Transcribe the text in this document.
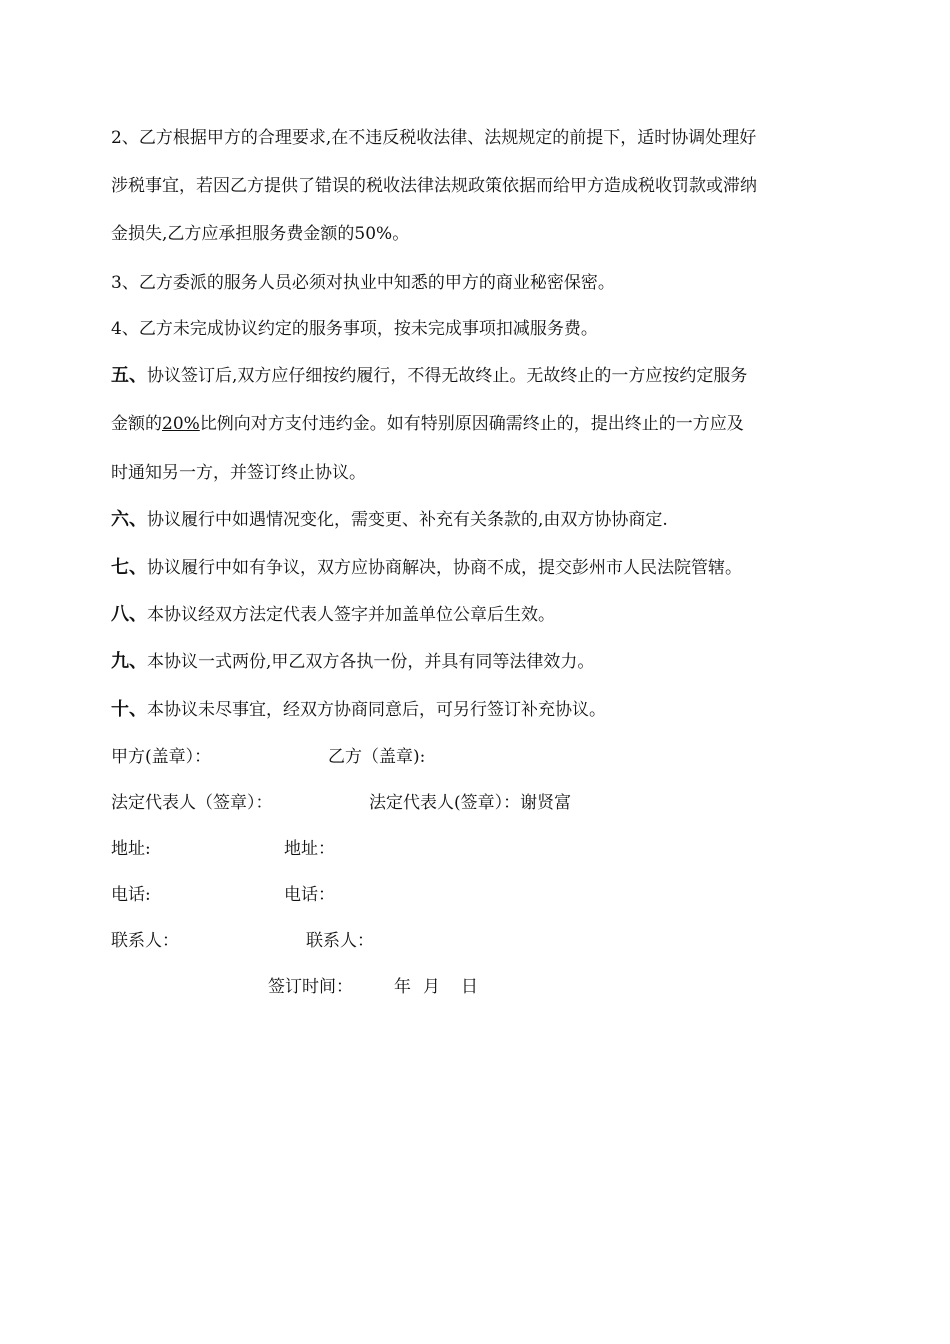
2、乙方根据甲方的合理要求,在不违反税收法律、法规规定的前提下，适时协调处理好
涉税事宜，若因乙方提供了错误的税收法律法规政策依据而给甲方造成税收罚款或滞纳
金损失,乙方应承担服务费金额的50%。
3、乙方委派的服务人员必须对执业中知悉的甲方的商业秘密保密。
4、乙方未完成协议约定的服务事项，按未完成事项扣减服务费。
五、协议签订后,双方应仔细按约履行，不得无故终止。无故终止的一方应按约定服务
金额的20%比例向对方支付违约金。如有特别原因确需终止的，提出终止的一方应及
时通知另一方，并签订终止协议。
六、协议履行中如遇情况变化，需变更、补充有关条款的,由双方协协商定.
七、协议履行中如有争议，双方应协商解决，协商不成，提交彭州市人民法院管辖。
八、本协议经双方法定代表人签字并加盖单位公章后生效。
九、本协议一式两份,甲乙双方各执一份，并具有同等法律效力。
十、本协议未尽事宜，经双方协商同意后，可另行签订补充协议。
甲方(盖章）：	乙方（盖章):
法定代表人（签章）：	法定代表人(签章）：谢贤富
地址:	地址：
电话:	电话：
联系人：	联系人：
签订时间： 年 月 日
